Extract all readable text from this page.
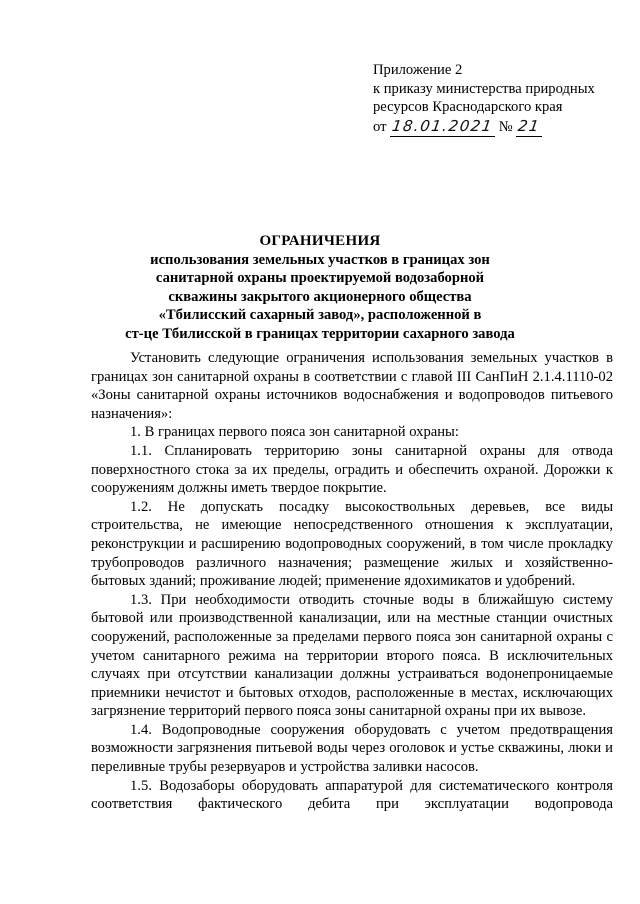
Приложение 2
к приказу министерства природных
ресурсов Краснодарского края
от 18.01.2021 № 21
ОГРАНИЧЕНИЯ
использования земельных участков в границах зон
санитарной охраны проектируемой водозаборной
скважины закрытого акционерного общества
«Тбилисский сахарный завод», расположенной в
ст-це Тбилисской в границах территории сахарного завода

Установить следующие ограничения использования земельных участков в границах зон санитарной охраны в соответствии с главой III СанПиН 2.1.4.1110-02 «Зоны санитарной охраны источников водоснабжения и водопроводов питьевого назначения»:

1. В границах первого пояса зон санитарной охраны:

1.1. Спланировать территорию зоны санитарной охраны для отвода поверхностного стока за их пределы, оградить и обеспечить охраной. Дорожки к сооружениям должны иметь твердое покрытие.

1.2. Не допускать посадку высокоствольных деревьев, все виды строительства, не имеющие непосредственного отношения к эксплуатации, реконструкции и расширению водопроводных сооружений, в том числе прокладку трубопроводов различного назначения; размещение жилых и хозяйственно-бытовых зданий; проживание людей; применение ядохимикатов и удобрений.

1.3. При необходимости отводить сточные воды в ближайшую систему бытовой или производственной канализации, или на местные станции очистных сооружений, расположенные за пределами первого пояса зон санитарной охраны с учетом санитарного режима на территории второго пояса. В исключительных случаях при отсутствии канализации должны устраиваться водонепроницаемые приемники нечистот и бытовых отходов, расположенные в местах, исключающих загрязнение территорий первого пояса зоны санитарной охраны при их вывозе.

1.4. Водопроводные сооружения оборудовать с учетом предотвращения возможности загрязнения питьевой воды через оголовок и устье скважины, люки и переливные трубы резервуаров и устройства заливки насосов.

1.5. Водозаборы оборудовать аппаратурой для систематического контроля соответствия фактического дебита при эксплуатации водопровода
